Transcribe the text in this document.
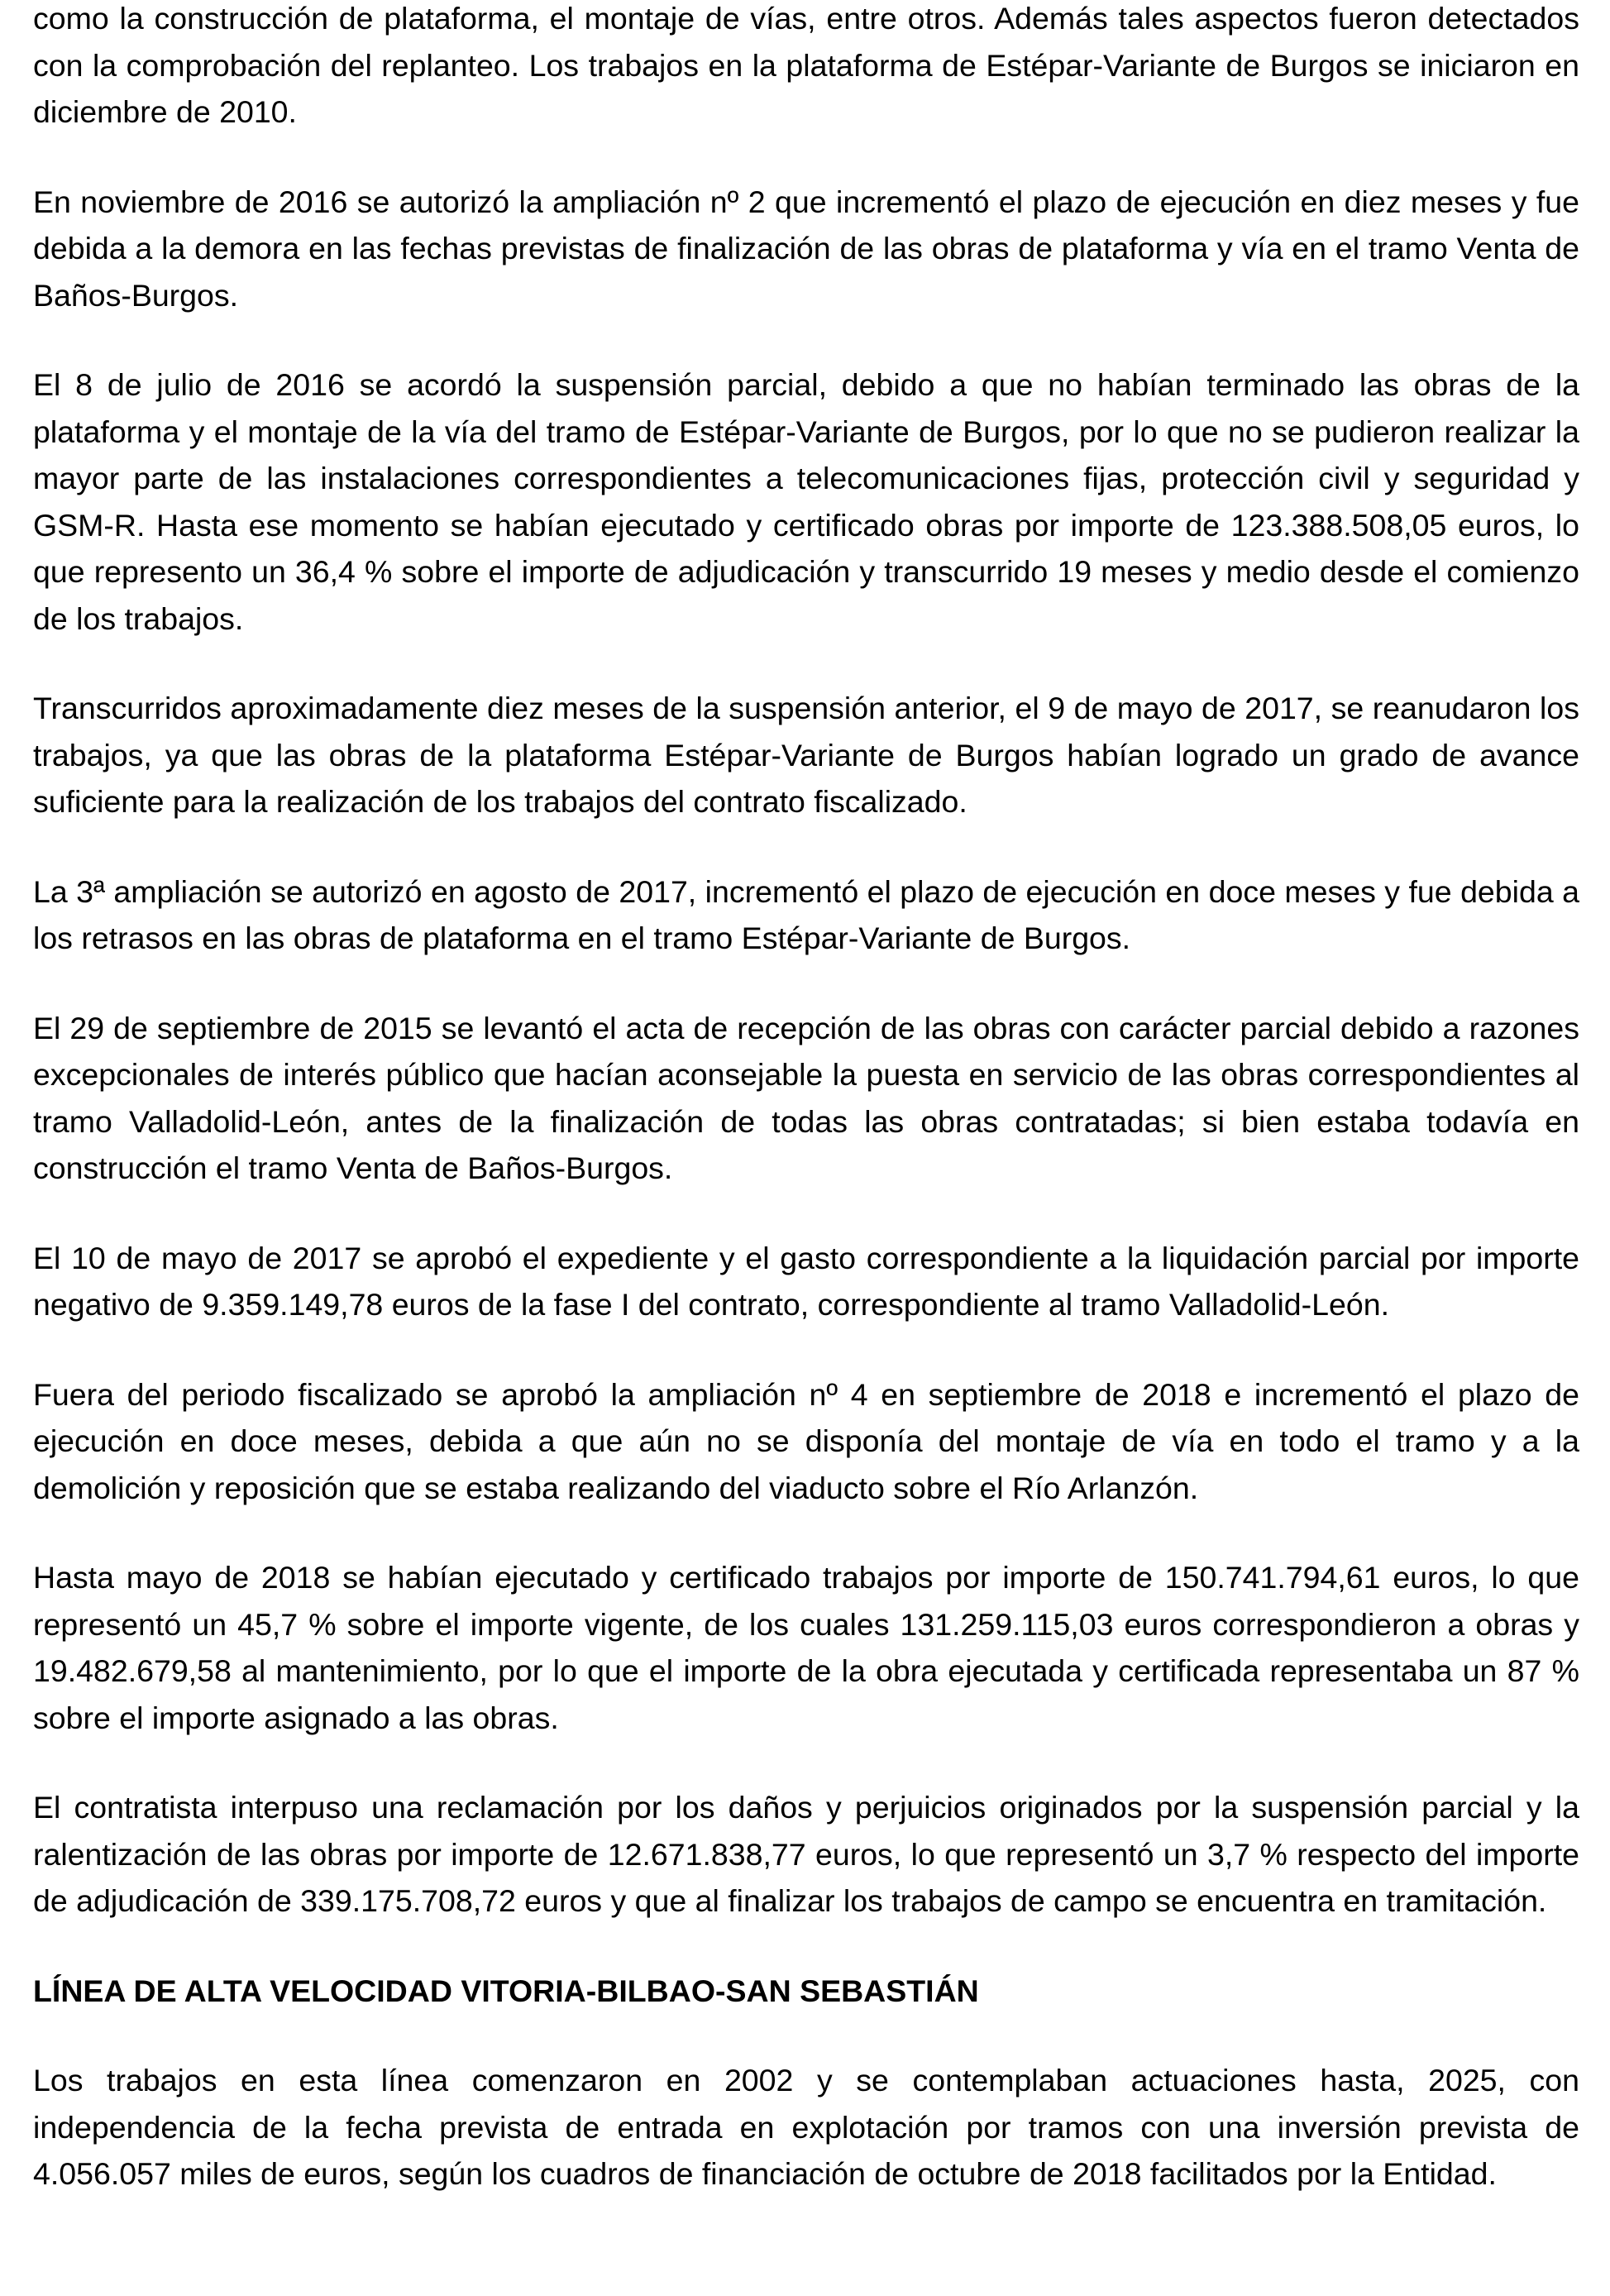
como la construcción de plataforma, el montaje de vías, entre otros. Además tales aspectos fueron detectados con la comprobación del replanteo. Los trabajos en la plataforma de Estépar-Variante de Burgos se iniciaron en diciembre de 2010.

En noviembre de 2016 se autorizó la ampliación nº 2 que incrementó el plazo de ejecución en diez meses y fue debida a la demora en las fechas previstas de finalización de las obras de plataforma y vía en el tramo Venta de Baños-Burgos.

El 8 de julio de 2016 se acordó la suspensión parcial, debido a que no habían terminado las obras de la plataforma y el montaje de la vía del tramo de Estépar-Variante de Burgos, por lo que no se pudieron realizar la mayor parte de las instalaciones correspondientes a telecomunicaciones fijas, protección civil y seguridad y GSM-R. Hasta ese momento se habían ejecutado y certificado obras por importe de 123.388.508,05 euros, lo que represento un 36,4 % sobre el importe de adjudicación y transcurrido 19 meses y medio desde el comienzo de los trabajos.

Transcurridos aproximadamente diez meses de la suspensión anterior, el 9 de mayo de 2017, se reanudaron los trabajos, ya que las obras de la plataforma Estépar-Variante de Burgos habían logrado un grado de avance suficiente para la realización de los trabajos del contrato fiscalizado.

La 3ª ampliación se autorizó en agosto de 2017, incrementó el plazo de ejecución en doce meses y fue debida a los retrasos en las obras de plataforma en el tramo Estépar-Variante de Burgos.

El 29 de septiembre de 2015 se levantó el acta de recepción de las obras con carácter parcial debido a razones excepcionales de interés público que hacían aconsejable la puesta en servicio de las obras correspondientes al tramo Valladolid-León, antes de la finalización de todas las obras contratadas; si bien estaba todavía en construcción el tramo Venta de Baños-Burgos.

El 10 de mayo de 2017 se aprobó el expediente y el gasto correspondiente a la liquidación parcial por importe negativo de 9.359.149,78 euros de la fase I del contrato, correspondiente al tramo Valladolid-León.

Fuera del periodo fiscalizado se aprobó la ampliación nº 4 en septiembre de 2018 e incrementó el plazo de ejecución en doce meses, debida a que aún no se disponía del montaje de vía en todo el tramo y a la demolición y reposición que se estaba realizando del viaducto sobre el Río Arlanzón.

Hasta mayo de 2018 se habían ejecutado y certificado trabajos por importe de 150.741.794,61 euros, lo que representó un 45,7 % sobre el importe vigente, de los cuales 131.259.115,03 euros correspondieron a obras y 19.482.679,58 al mantenimiento, por lo que el importe de la obra ejecutada y certificada representaba un 87 % sobre el importe asignado a las obras.

El contratista interpuso una reclamación por los daños y perjuicios originados por la suspensión parcial y la ralentización de las obras por importe de 12.671.838,77 euros, lo que representó un 3,7 % respecto del importe de adjudicación de 339.175.708,72 euros y que al finalizar los trabajos de campo se encuentra en tramitación.

LÍNEA DE ALTA VELOCIDAD VITORIA-BILBAO-SAN SEBASTIÁN

Los trabajos en esta línea comenzaron en 2002 y se contemplaban actuaciones hasta, 2025, con independencia de la fecha prevista de entrada en explotación por tramos con una inversión prevista de 4.056.057 miles de euros, según los cuadros de financiación de octubre de 2018 facilitados por la Entidad.
